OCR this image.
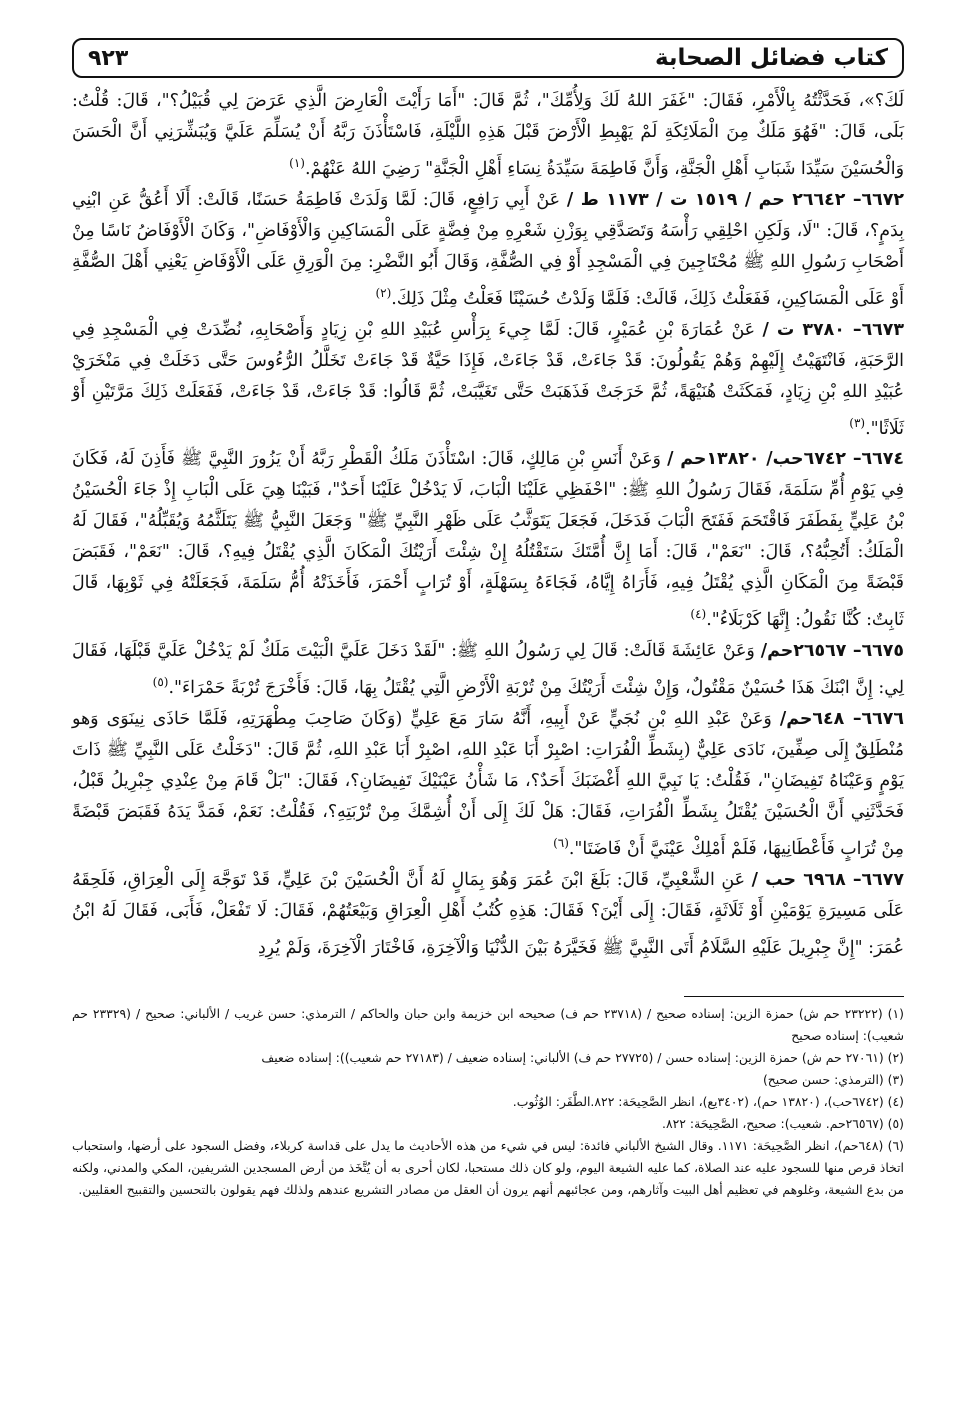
كتاب فضائل الصحابة
٩٢٣

لَكَ؟»، فَحَدَّثْتُهُ بِالْأَمْرِ، فَقَالَ: "غَفَرَ اللهُ لَكَ وَلِأُمِّكَ"، ثُمَّ قَالَ: "أَمَا رَأَيْتَ الْعَارِضَ الَّذِي عَرَضَ لِي قُبَيْلُ؟"، قَالَ: قُلْتُ: بَلَى، قَالَ: "فَهُوَ مَلَكٌ مِنَ الْمَلَائِكَةِ لَمْ يَهْبِطِ الْأَرْضَ قَبْلَ هَذِهِ اللَّيْلَةِ، فَاسْتَأْذَنَ رَبَّهُ أَنْ يُسَلِّمَ عَلَيَّ وَيُبَشِّرَنِي أَنَّ الْحَسَنَ وَالْحُسَيْنَ سَيِّدَا شَبَابِ أَهْلِ الْجَنَّةِ، وَأَنَّ فَاطِمَةَ سَيِّدَةُ نِسَاءِ أَهْلِ الْجَنَّةِ" رَضِيَ اللهُ عَنْهُمْ.$^{(١)}$

٦٦٧٢– ٢٦٦٤٢ حم / ١٥١٩ ت / ١١٧٣ ط / عَنْ أَبِي رَافِعٍ، قَالَ: لَمَّا وَلَدَتْ فَاطِمَةُ حَسَنًا، قَالَتْ: أَلَا أَعُقُّ عَنِ ابْنِي بِدَمٍ؟، قَالَ: "لَا، وَلَكِنِ احْلِقِي رَأْسَهُ وَتَصَدَّقِي بِوَزْنِ شَعْرِهِ مِنْ فِضَّةٍ عَلَى الْمَسَاكِينِ وَالْأَوْفَاضِ"، وَكَانَ الْأَوْفَاضُ نَاسًا مِنْ أَصْحَابِ رَسُولِ اللهِ ﷺ مُحْتَاجِينَ فِي الْمَسْجِدِ أَوْ فِي الصُّفَّةِ، وَقَالَ أَبُو النَّضْرِ: مِنَ الْوَرِقِ عَلَى الْأَوْفَاضِ يَعْنِي أَهْلَ الصُّفَّةِ أَوْ عَلَى الْمَسَاكِينِ، فَفَعَلْتُ ذَلِكَ، قَالَتْ: فَلَمَّا وَلَدْتُ حُسَيْنًا فَعَلْتُ مِثْلَ ذَلِكَ.$^{(٢)}$

٦٦٧٣– ٣٧٨٠ ت / عَنْ عُمَارَةَ بْنِ عُمَيْرٍ، قَالَ: لَمَّا جِيءَ بِرَأْسِ عُبَيْدِ اللهِ بْنِ زِيَادٍ وَأَصْحَابِهِ، نُضِّدَتْ فِي الْمَسْجِدِ فِي الرَّحَبَةِ، فَانْتَهَيْتُ إِلَيْهِمْ وَهُمْ يَقُولُونَ: قَدْ جَاءَتْ، قَدْ جَاءَتْ، فَإِذَا حَيَّةٌ قَدْ جَاءَتْ تَخَلَّلُ الرُّءُوسَ حَتَّى دَخَلَتْ فِي مَنْخَرَيْ عُبَيْدِ اللهِ بْنِ زِيَادٍ، فَمَكَثَتْ هُنَيْهَةً، ثُمَّ خَرَجَتْ فَذَهَبَتْ حَتَّى تَغَيَّبَتْ، ثُمَّ قَالُوا: قَدْ جَاءَتْ، قَدْ جَاءَتْ، فَفَعَلَتْ ذَلِكَ مَرَّتَيْنِ أَوْ ثَلَاثًا".$^{(٣)}$

٦٦٧٤– ٦٧٤٢حب/ ١٣٨٢٠حم / وَعَنْ أَنَسِ بْنِ مَالِكٍ، قَالَ: اسْتَأْذَنَ مَلَكُ الْقَطْرِ رَبَّهُ أَنْ يَزُورَ النَّبِيَّ ﷺ فَأَذِنَ لَهُ، فَكَانَ فِي يَوْمِ أُمِّ سَلَمَةَ، فَقَالَ رَسُولُ اللهِ ﷺ: "احْفَظِي عَلَيْنَا الْبَابَ، لَا يَدْخُلْ عَلَيْنَا أَحَدٌ"، فَبَيْنَا هِيَ عَلَى الْبَابِ إِذْ جَاءَ الْحُسَيْنُ بْنُ عَلِيٍّ بِفَطَفَرَ فَاقْتَحَمَ فَفَتَحَ الْبَابَ فَدَخَلَ، فَجَعَلَ يَتَوَثَّبُ عَلَى ظَهْرِ النَّبِيِّ ﷺ" وَجَعَلَ النَّبِيُّ ﷺ يَتَلَثَّمُهُ وَيُقَبِّلُهُ"، فَقَالَ لَهُ الْمَلَكُ: أَتُحِبُّهُ؟، قَالَ: "نَعَمْ"، قَالَ: أَمَا إِنَّ أُمَّتَكَ سَتَقْتُلُهُ إِنْ شِئْتَ أَرَيْتُكَ الْمَكَانَ الَّذِي يُقْتَلُ فِيهِ؟، قَالَ: "نَعَمْ"، فَقَبَضَ قَبْضَةً مِنَ الْمَكَانِ الَّذِي يُقْتَلُ فِيهِ، فَأَرَاهُ إِيَّاهُ، فَجَاءَهُ بِسَهْلَةٍ، أَوْ تُرَابٍ أَحْمَرَ، فَأَخَذَتْهُ أُمُّ سَلَمَةَ، فَجَعَلَتْهُ فِي ثَوْبِهَا، قَالَ ثَابِتٌ: كُنَّا نَقُولُ: إِنَّهَا كَرْبَلَاءُ".$^{(٤)}$

٦٦٧٥– ٢٦٥٦٧حم/ وَعَنْ عَائِشَةَ قَالَتْ: قَالَ لِي رَسُولُ اللهِ ﷺ: "لَقَدْ دَخَلَ عَلَيَّ الْبَيْتَ مَلَكٌ لَمْ يَدْخُلْ عَلَيَّ قَبْلَهَا، فَقَالَ لِي: إِنَّ ابْنَكَ هَذَا حُسَيْنٌ مَقْتُولٌ، وَإِنْ شِئْتَ أَرَيْتُكَ مِنْ تُرْبَةِ الْأَرْضِ الَّتِي يُقْتَلُ بِهَا، قَالَ: فَأَخْرَجَ تُرْبَةً حَمْرَاءَ".$^{(٥)}$

٦٦٧٦– ٦٤٨حم/ وَعَنْ عَبْدِ اللهِ بْنِ نُجَيٍّ عَنْ أَبِيهِ، أَنَّهُ سَارَ مَعَ عَلِيٍّ (وَكَانَ صَاحِبَ مِطْهَرَتِهِ، فَلَمَّا حَاذَى نِينَوَى وَهو مُنْطَلِقٌ إِلَى صِفِّينَ، نَادَى عَلِيٌّ (بِشَطِّ الْفُرَاتِ: اصْبِرْ أَبَا عَبْدِ اللهِ، اصْبِرْ أَبَا عَبْدِ اللهِ، ثُمَّ قَالَ: "دَخَلْتُ عَلَى النَّبِيِّ ﷺ ذَاتَ يَوْمٍ وَعَيْنَاهُ تَفِيضَانِ"، فَقُلْتُ: يَا نَبِيَّ اللهِ أَغْضَبَكَ أَحَدٌ؟، مَا شَأْنُ عَيْنَيْكَ تَفِيضَانِ؟، فَقَالَ: "بَلْ قَامَ مِنْ عِنْدِي جِبْرِيلُ قَبْلُ، فَحَدَّثَنِي أَنَّ الْحُسَيْنَ يُقْتَلُ بِشَطِّ الْفُرَاتِ، فَقَالَ: هَلْ لَكَ إِلَى أَنْ أُشِمَّكَ مِنْ تُرْبَتِهِ؟، فَقُلْتُ: نَعَمْ، فَمَدَّ يَدَهُ فَقَبَضَ قَبْضَةً مِنْ تُرَابٍ فَأَعْطَانِيهَا، فَلَمْ أَمْلِكْ عَيْنَيَّ أَنْ فَاضَتَا".$^{(٦)}$

٦٦٧٧– ٦٩٦٨ حب / عَنِ الشَّعْبِيِّ، قَالَ: بَلَغَ ابْنَ عُمَرَ وَهُوَ بِمَالٍ لَهُ أَنَّ الْحُسَيْنَ بْنَ عَلِيٍّ، قَدْ تَوَجَّهَ إِلَى الْعِرَاقِ، فَلَحِقَهُ عَلَى مَسِيرَةِ يَوْمَيْنِ أَوْ ثَلَاثَةٍ، فَقَالَ: إِلَى أَيْنَ؟ فَقَالَ: هَذِهِ كُتُبُ أَهْلِ الْعِرَاقِ وَبَيْعَتُهُمْ، فَقَالَ: لَا تَفْعَلْ، فَأَبَى، فَقَالَ لَهُ ابْنُ عُمَرَ: "إِنَّ جِبْرِيلَ عَلَيْهِ السَّلَامُ أَتَى النَّبِيَّ ﷺ فَخَيَّرَهُ بَيْنَ الدُّنْيَا وَالْآخِرَةِ، فَاخْتَارَ الْآخِرَةَ، وَلَمْ يُرِدِ

(١) (٢٣٢٢٢ حم ش) حمزة الزين: إسناده صحيح / (٢٣٧١٨ حم ف) صحيحه ابن خزيمة وابن حبان والحاكم / الترمذي: حسن غريب / الألباني: صحيح / (٢٣٣٢٩ حم شعيب): إسناده صحيح

(٢) (٢٧٠٦١ حم ش) حمزة الزين: إسناده حسن / (٢٧٧٢٥ حم ف) الألباني: إسناده ضعيف / (٢٧١٨٣ حم شعيب)): إسناده ضعيف

(٣) (الترمذي: حسن صحيح)

(٤) (٦٧٤٢حب)، (١٣٨٢٠ حم)، (٣٤٠٢يع)، انظر الصَّحِيحَة: ٨٢٢.الطَّفَر: الوُثُوب.

(٥) (٢٦٥٦٧حم. شعيب): صحيح، الصَّحِيحَة: ٨٢٢.

(٦) (٦٤٨حم)، انظر الصَّحِيحَة: ١١٧١. وقال الشيخ الألباني فائدة: ليس في شيء من هذه الأحاديث ما يدل على قداسة كربلاء، وفضل السجود على أرضها، واستحباب اتخاذ قرص منها للسجود عليه عند الصلاة، كما عليه الشيعة اليوم، ولو كان ذلك مستحبا، لكان أحرى به أن يُتَّخَذ من أرض المسجدين الشريفين، المكي والمدني، ولكنه من بدع الشيعة، وغلوهم في تعظيم أهل البيت وآثارهم، ومن عجائبهم أنهم يرون أن العقل من مصادر التشريع عندهم ولذلك فهم يقولون بالتحسين والتقبيح العقليين.
